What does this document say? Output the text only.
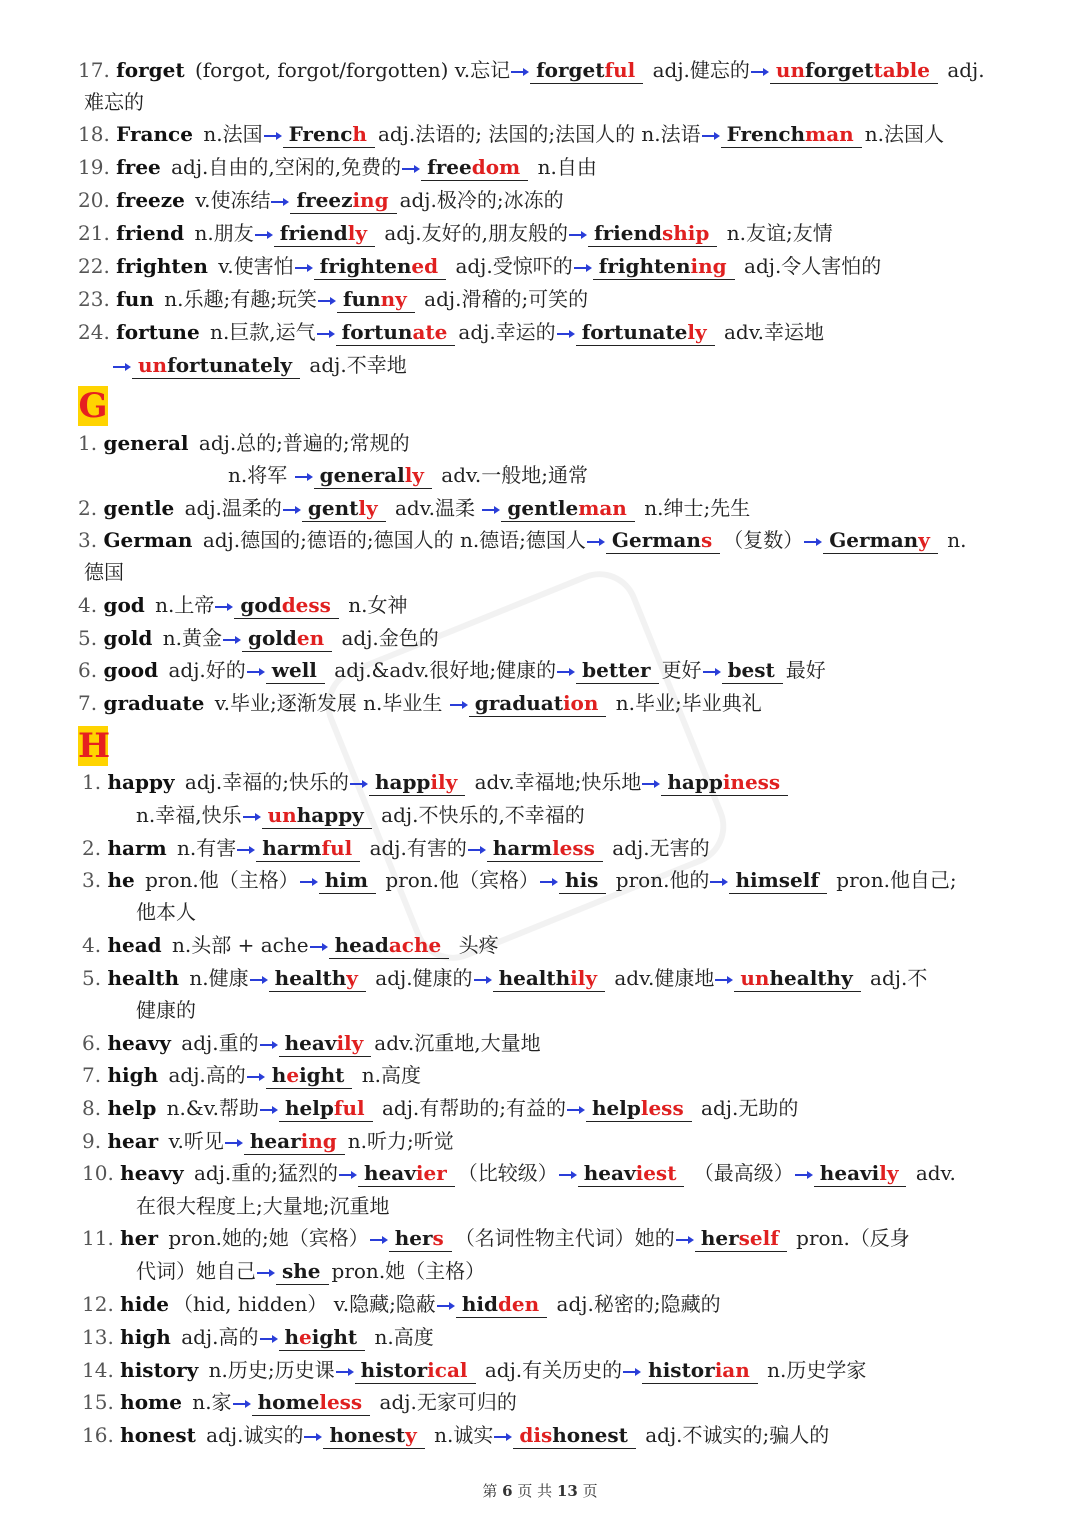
17. forget (forgot, forgot/forgotten) v.忘记 forgetful adj.健忘的 unforgettable adj.
难忘的
18. France n.法国 French adj.法语的; 法国的;法国人的 n.法语 Frenchman n.法国人
19. free adj.自由的,空闲的,免费的 freedom n.自由
20. freeze v.使冻结 freezing adj.极冷的;冰冻的
21. friend n.朋友 friendly adj.友好的,朋友般的 friendship n.友谊;友情
22. frighten v.使害怕 frightened adj.受惊吓的 frightening adj.令人害怕的
23. fun n.乐趣;有趣;玩笑 funny adj.滑稽的;可笑的
24. fortune n.巨款,运气 fortunate adj.幸运的 fortunately adv.幸运地
unfortunately adj.不幸地
G
1. general adj.总的;普遍的;常规的
n.将军 generally adv.一般地;通常
2. gentle adj.温柔的 gently adv.温柔 gentleman n.绅士;先生
3. German adj.德国的;德语的;德国人的 n.德语;德国人 Germans （复数） Germany n.
德国
4. god n.上帝 goddess n.女神
5. gold n.黄金 golden adj.金色的
6. good adj.好的 well adj.&adv.很好地;健康的 better 更好 best 最好
7. graduate v.毕业;逐渐发展 n.毕业生 graduation n.毕业;毕业典礼
H
1. happy adj.幸福的;快乐的 happily adv.幸福地;快乐地 happiness
n.幸福,快乐 unhappy adj.不快乐的,不幸福的
2. harm n.有害 harmful adj.有害的 harmless adj.无害的
3. he pron.他（主格） him pron.他（宾格） his pron.他的 himself pron.他自己;
他本人
4. head n.头部 + ache headache 头疼
5. health n.健康 healthy adj.健康的 healthily adv.健康地 unhealthy adj.不
健康的
6. heavy adj.重的 heavily adv.沉重地,大量地
7. high adj.高的 height n.高度
8. help n.&v.帮助 helpful adj.有帮助的;有益的 helpless adj.无助的
9. hear v.听见 hearing n.听力;听觉
10. heavy adj.重的;猛烈的 heavier （比较级） heaviest （最高级） heavily adv.
在很大程度上;大量地;沉重地
11. her pron.她的;她（宾格） hers （名词性物主代词）她的 herself pron.（反身
代词）她自己 she pron.她（主格）
12. hide （hid, hidden） v.隐藏;隐蔽 hidden adj.秘密的;隐藏的
13. high adj.高的 height n.高度
14. history n.历史;历史课 historical adj.有关历史的 historian n.历史学家
15. home n.家 homeless adj.无家可归的
16. honest adj.诚实的 honesty n.诚实 dishonest adj.不诚实的;骗人的
第 6 页 共 13 页
